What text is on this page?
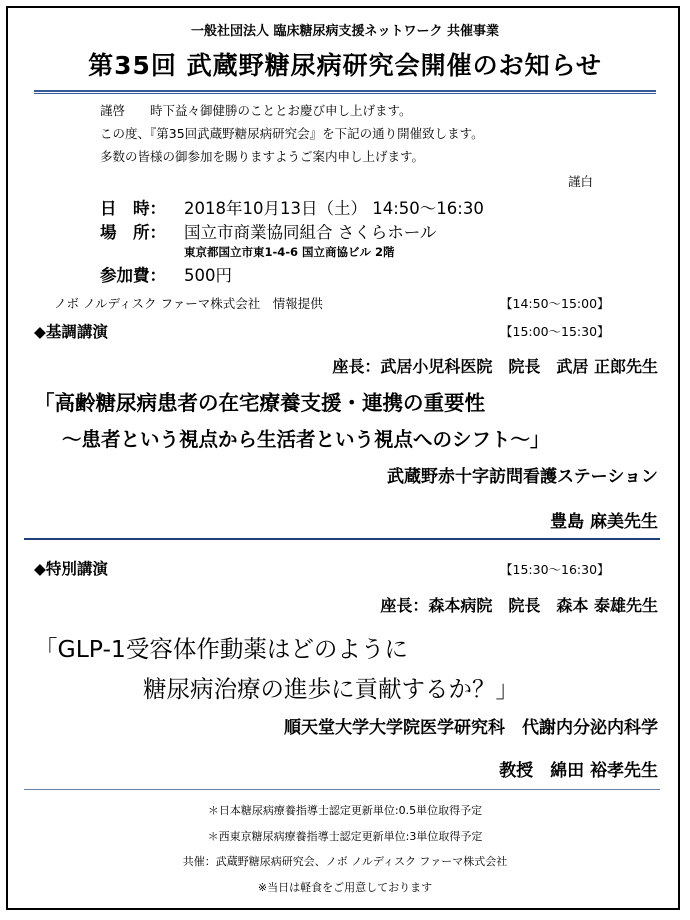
一般社団法人 臨床糖尿病支援ネットワーク 共催事業
第35回 武蔵野糖尿病研究会開催のお知らせ
謹啓　　時下益々御健勝のこととお慶び申し上げます。
この度、『第35回武蔵野糖尿病研究会』を下記の通り開催致します。
多数の皆様の御参加を賜りますようご案内申し上げます。
謹白
日　時： 2018年10月13日（土） 14:50～16:30
場　所： 国立市商業協同組合 さくらホール
東京都国立市東1-4-6 国立商協ビル 2階
参加費： 500円
ノボ ノルディスク ファーマ株式会社　情報提供	【14:50～15:00】
◆基調講演	【15:00～15:30】
座長：武居小児科医院　院長　武居 正郎先生
「高齢糖尿病患者の在宅療養支援・連携の重要性
～患者という視点から生活者という視点へのシフト～」
武蔵野赤十字訪問看護ステーション
豊島 麻美先生
◆特別講演	【15:30～16:30】
座長：森本病院　院長　森本 泰雄先生
「GLP-1受容体作動薬はどのように
糖尿病治療の進歩に貢献するか？」
順天堂大学大学院医学研究科　代謝内分泌内科学
教授　綿田 裕孝先生
＊日本糖尿病療養指導士認定更新単位:0.5単位取得予定
＊西東京糖尿病療養指導士認定更新単位:3単位取得予定
共催：武蔵野糖尿病研究会、ノボ ノルディスク ファーマ株式会社
※当日は軽食をご用意しております
